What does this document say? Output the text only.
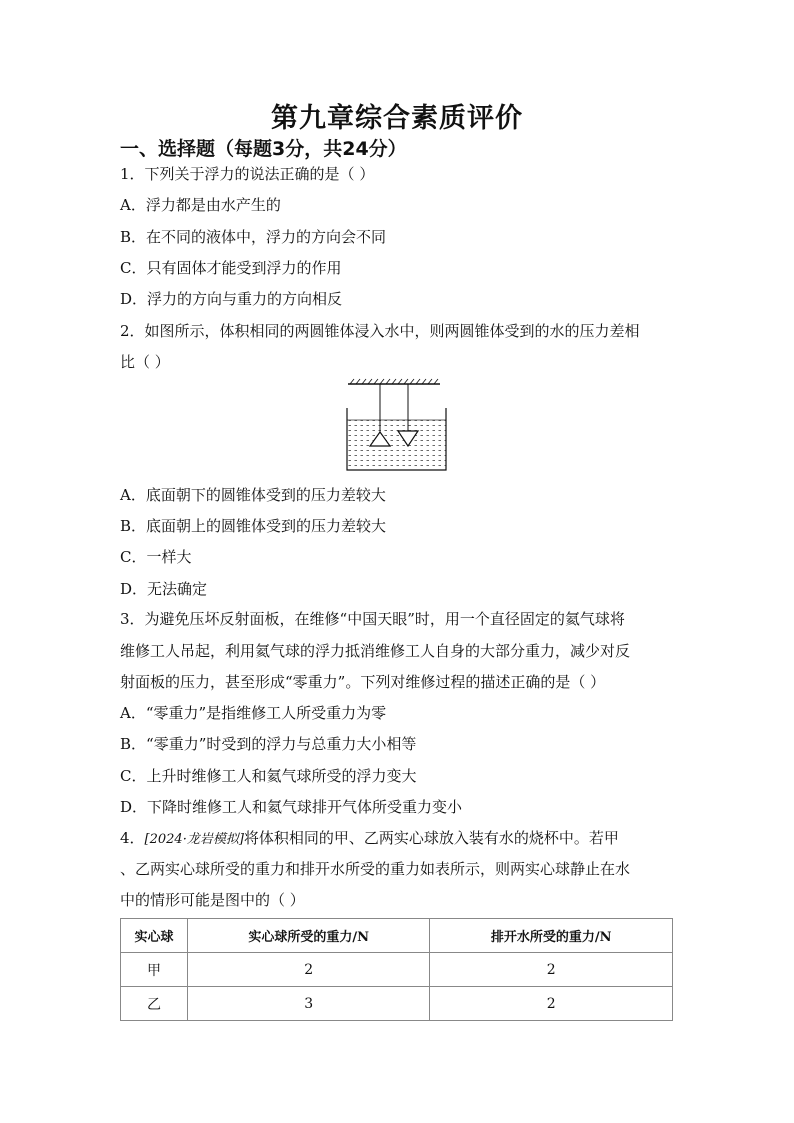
第九章综合素质评价
一、选择题（每题3分，共24分）
1．下列关于浮力的说法正确的是（ ）
A．浮力都是由水产生的
B．在不同的液体中，浮力的方向会不同
C．只有固体才能受到浮力的作用
D．浮力的方向与重力的方向相反
2．如图所示，体积相同的两圆锥体浸入水中，则两圆锥体受到的水的压力差相
比（ ）
A．底面朝下的圆锥体受到的压力差较大
B．底面朝上的圆锥体受到的压力差较大
C．一样大
D．无法确定
3．为避免压坏反射面板，在维修“中国天眼”时，用一个直径固定的氦气球将
维修工人吊起，利用氦气球的浮力抵消维修工人自身的大部分重力，减少对反
射面板的压力，甚至形成“零重力”。下列对维修过程的描述正确的是（ ）
A．“零重力”是指维修工人所受重力为零
B．“零重力”时受到的浮力与总重力大小相等
C．上升时维修工人和氦气球所受的浮力变大
D．下降时维修工人和氦气球排开气体所受重力变小
4．[2024·龙岩模拟]将体积相同的甲、乙两实心球放入装有水的烧杯中。若甲
、乙两实心球所受的重力和排开水所受的重力如表所示，则两实心球静止在水
中的情形可能是图中的（ ）
实心球	实心球所受的重力/N	排开水所受的重力/N
甲	2	2
乙	3	2
